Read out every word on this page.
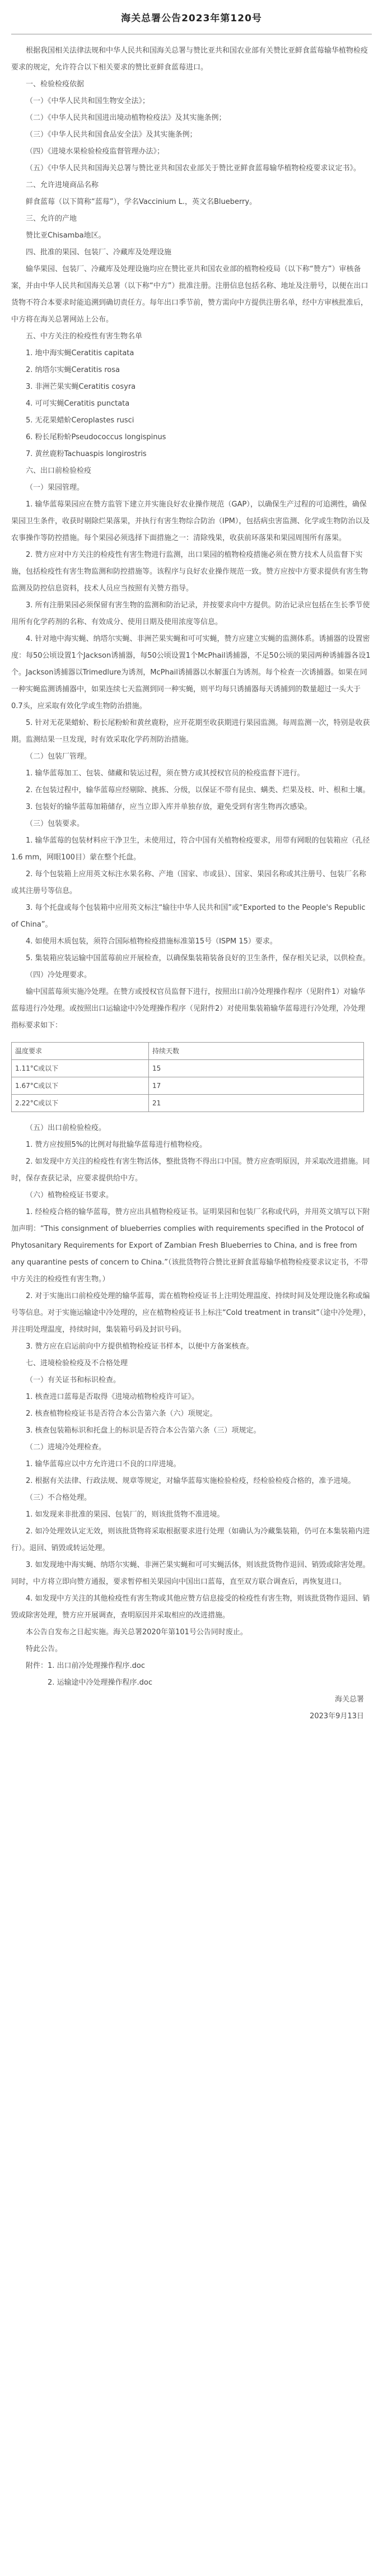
海关总署公告2023年第120号

根据我国相关法律法规和中华人民共和国海关总署与赞比亚共和国农业部有关赞比亚鲜食蓝莓输华植物检疫要求的规定，允许符合以下相关要求的赞比亚鲜食蓝莓进口。

一、检验检疫依据

（一）《中华人民共和国生物安全法》；

（二）《中华人民共和国进出境动植物检疫法》及其实施条例；

（三）《中华人民共和国食品安全法》及其实施条例；

（四）《进境水果检验检疫监督管理办法》；

（五）《中华人民共和国海关总署与赞比亚共和国农业部关于赞比亚鲜食蓝莓输华植物检疫要求议定书》。

二、允许进境商品名称

鲜食蓝莓（以下简称“蓝莓”），学名Vaccinium L.，英文名Blueberry。

三、允许的产地

赞比亚Chisamba地区。

四、批准的果园、包装厂、冷藏库及处理设施

输华果园、包装厂、冷藏库及处理设施均应在赞比亚共和国农业部的植物检疫局（以下称“赞方”）审核备案，并由中华人民共和国海关总署（以下称“中方”）批准注册。注册信息包括名称、地址及注册号，以便在出口货物不符合本要求时能追溯到确切责任方。每年出口季节前，赞方需向中方提供注册名单，经中方审核批准后，中方将在海关总署网站上公布。

五、中方关注的检疫性有害生物名单

1. 地中海实蝇Ceratitis capitata

2. 纳塔尔实蝇Ceratitis rosa

3. 非洲芒果实蝇Ceratitis cosyra

4. 可可实蝇Ceratitis punctata

5. 无花果蜡蚧Ceroplastes rusci

6. 粉长尾粉蚧Pseudococcus longispinus

7. 黄丝鹿粉Tachuaspis longirostris

六、出口前检验检疫

（一）果园管理。

1. 输华蓝莓果园应在赞方监管下建立并实施良好农业操作规范（GAP），以确保生产过程的可追溯性，确保果园卫生条件，收获时剔除烂果落果，并执行有害生物综合防治（IPM），包括病虫害监测、化学或生物防治以及农事操作等防控措施。每个果园必须选择下面措施之一：清除残果，收获前环落果和果园周围所有落果。

2. 赞方应对中方关注的检疫性有害生物进行监测，出口果园的植物检疫措施必须在赞方技术人员监督下实施，包括检疫性有害生物监测和防控措施等。该程序与良好农业操作规范一致。赞方应按中方要求提供有害生物监测及防控信息资料，技术人员应当按照有关赞方指导。

3. 所有注册果园必须保留有害生物的监测和防治记录，并按要求向中方提供。防治记录应包括在生长季节使用所有化学药剂的名称、有效成分、使用日期及使用浓度等信息。

4. 针对地中海实蝇、纳塔尔实蝇、非洲芒果实蝇和可可实蝇，赞方应建立实蝇的监测体系。诱捕器的设置密度：每50公顷设置1个Jackson诱捕器，每50公顷设置1个McPhail诱捕器，不足50公顷的果园两种诱捕器各设1个。Jackson诱捕器以Trimedlure为诱剂，McPhail诱捕器以水解蛋白为诱剂。每个检查一次诱捕器。如果在同一种实蝇监测诱捕器中，如果连续七天监测到同一种实蝇，则平均每只诱捕器每天诱捕到的数量超过一头大于0.7头，应采取有效化学或生物防治措施。

5. 针对无花果蜡蚧、粉长尾粉蚧和黄丝鹿粉，应开花期至收获期进行果园监测。每周监测一次，特别是收获期。监测结果一旦发现，时有效采取化学药剂防治措施。

（二）包装厂管理。

1. 输华蓝莓加工、包装、储藏和装运过程，须在赞方或其授权官员的检疫监督下进行。

2. 在包装过程中，输华蓝莓应经剔除、挑拣、分级，以保证不带有昆虫、螨类、烂果及枝、叶、根和土壤。

3. 包装好的输华蓝莓加箱储存，应当立即入库并单独存放，避免受到有害生物再次感染。

（三）包装要求。

1. 输华蓝莓的包装材料应干净卫生，未使用过，符合中国有关植物检疫要求，用带有网眼的包装箱应（孔径1.6 mm，网眼100目）蒙在整个托盘。

2. 每个包装箱上应用英文标注水果名称、产地（国家、市或县）、国家、果园名称或其注册号、包装厂名称或其注册号等信息。

3. 每个托盘或每个包装箱中应用英文标注“输往中华人民共和国”或“Exported to the People's Republic of China”。

4. 如使用木质包装，须符合国际植物检疫措施标准第15号（ISPM 15）要求。

5. 集装箱应装运输中国蓝莓前应开展检查，以确保集装箱装备良好的卫生条件，保存相关记录，以供检查。

（四）冷处理要求。

输中国蓝莓须实施冷处理。在赞方或授权官员监督下进行，按照出口前冷处理操作程序（见附件1）对输华蓝莓进行冷处理。或按照出口运输途中冷处理操作程序（见附件2）对使用集装箱输华蓝莓进行冷处理，冷处理指标要求如下：

温度要求	持续天数
1.11°C或以下	15
1.67°C或以下	17
2.22°C或以下	21

（五）出口前检验检疫。

1. 赞方应按照5%的比例对每批输华蓝莓进行植物检疫。

2. 如发现中方关注的检疫性有害生物活体，整批货物不得出口中国。赞方应查明原因，并采取改进措施。同时，保存查获记录，应要求提供给中方。

（六）植物检疫证书要求。

1. 经检疫合格的输华蓝莓，赞方应出具植物检疫证书。证明果园和包装厂名称或代码，并用英文填写以下附加声明：“This consignment of blueberries complies with requirements specified in the Protocol of Phytosanitary Requirements for Export of Zambian Fresh Blueberries to China, and is free from any quarantine pests of concern to China.”（该批货物符合赞比亚鲜食蓝莓输华植物检疫要求议定书，不带中方关注的检疫性有害生物。）

2. 对于实施出口前检疫处理的输华蓝莓，需在植物检疫证书上注明处理温度、持续时间及处理设施名称或编号等信息。对于实施运输途中冷处理的，应在植物检疫证书上标注“Cold treatment in transit”（途中冷处理），并注明处理温度，持续时间，集装箱号码及封识号码。

3. 赞方应在启运前向中方提供植物检疫证书样本，以便中方备案核查。

七、进境检验检疫及不合格处理

（一）有关证书和标识检查。

1. 核查进口蓝莓是否取得《进境动植物检疫许可证》。

2. 核查植物检疫证书是否符合本公告第六条（六）项规定。

3. 核查包装箱标识和托盘上的标识是否符合本公告第六条（三）项规定。

（二）进境冷处理检查。

1. 输华蓝莓应以中方允许进口不良的口岸进境。

2. 根据有关法律、行政法规、规章等规定，对输华蓝莓实施检验检疫，经检验检疫合格的，准予进境。

（三）不合格处理。

1. 如发现来非批准的果园、包装厂的，则该批货物不准进境。

2. 如冷处理效认定无效，则该批货物将采取根据要求进行处理（如确认为冷藏集装箱，仍可在本集装箱内进行）。退回、销毁或转运处理。

3. 如发现地中海实蝇、纳塔尔实蝇、非洲芒果实蝇和可可实蝇活体，则该批货物作退回、销毁或除害处理。同时，中方将立即向赞方通报，要求暂停相关果园向中国出口蓝莓，直至双方联合调查后，再恢复进口。

4. 如发现中方关注的其他检疫性有害生物或其他应赞方信息接受的检疫性有害生物，则该批货物作退回、销毁或除害处理，赞方应开展调查，查明原因并采取相应的改进措施。

本公告自发布之日起实施。海关总署2020年第101号公告同时废止。

特此公告。

附件：1. 出口前冷处理操作程序.doc

2. 运输途中冷处理操作程序.doc

海关总署

2023年9月13日
